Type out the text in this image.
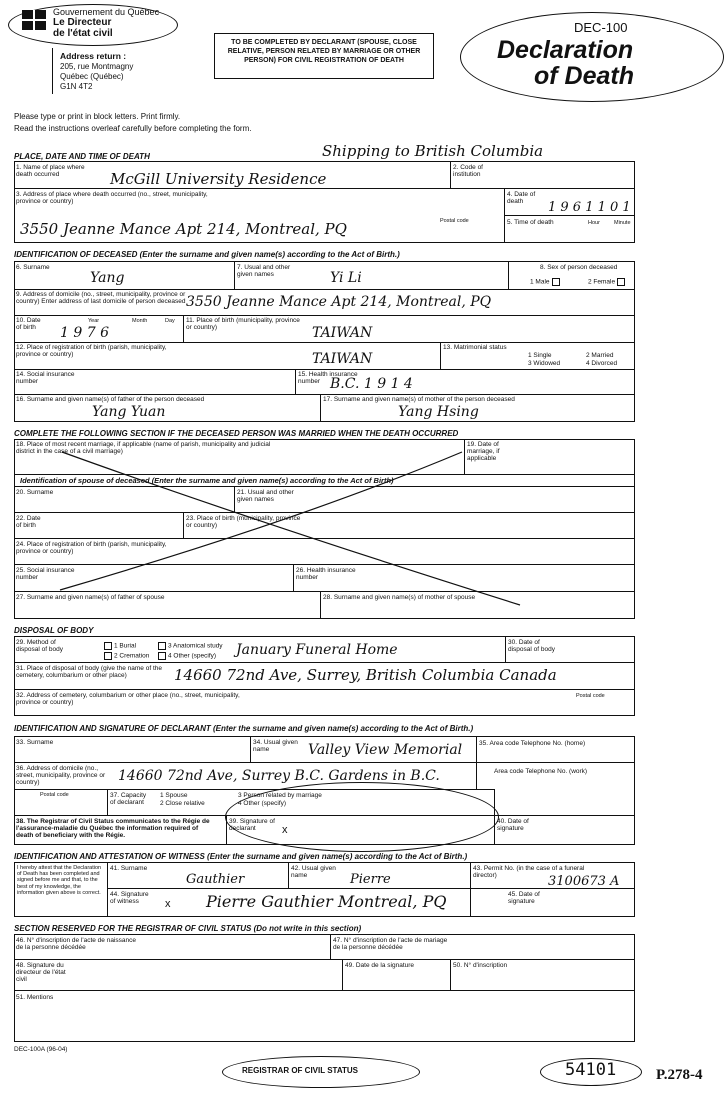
Gouvernement du Québec
Le Directeur
de l'état civil
Address return :
205, rue Montmagny
Québec (Québec)
G1N 4T2
TO BE COMPLETED BY DECLARANT (SPOUSE, CLOSE RELATIVE, PERSON RELATED BY MARRIAGE OR OTHER PERSON) FOR CIVIL REGISTRATION OF DEATH
DEC-100
Declaration
of Death
Please type or print in block letters. Print firmly.
Read the instructions overleaf carefully before completing the form.
PLACE, DATE AND TIME OF DEATH	Shipping to British Columbia
1. Name of place where death occurred	McGill University Residence
2. Code of institution
3. Address of place where death occurred (no., street, municipality, province or country)
3550 Jeanne Mance Apt 214, Montreal, PQ	Postal code
4. Date of death	1 9 6 1 1 0 1
5. Time of death	Hour	Minute
IDENTIFICATION OF DECEASED (Enter the surname and given name(s) according to the Act of Birth.)
6. Surname
Yang
7. Usual and other given names	Yi Li
8. Sex of person deceased
1 Male	2 Female
9. Address of domicile (no., street, municipality, province or country) Enter address of last domicile of person deceased 3550 Jeanne Mance Apt 214, Montreal, PQ
10. Date of birth
Year	Month	Day
1 9 7 6
11. Place of birth (municipality, province or country)	TAIWAN
12. Place of registration of birth (parish, municipality, province or country)	TAIWAN
13. Matrimonial status
1 Single	2 Married
3 Widowed	4 Divorced
14. Social insurance number
15. Health insurance number B.C. 1 9 1 4
16. Surname and given name(s) of father of the person deceased
Yang Yuan
17. Surname and given name(s) of mother of the person deceased
Yang Hsing
COMPLETE THE FOLLOWING SECTION IF THE DECEASED PERSON WAS MARRIED WHEN THE DEATH OCCURRED
18. Place of most recent marriage, if applicable (name of parish, municipality and judicial district in the case of a civil marriage)
19. Date of marriage, if applicable
Identification of spouse of deceased (Enter the surname and given name(s) according to the Act of Birth)
20. Surname	21. Usual and other given names
22. Date of birth
23. Place of birth (municipality, province or country)
24. Place of registration of birth (parish, municipality, province or country)
25. Social insurance number
26. Health insurance number
27. Surname and given name(s) of father of spouse	28. Surname and given name(s) of mother of spouse
DISPOSAL OF BODY
29. Method of disposal of body	1 Burial
2 Cremation
3 Anatomical study
4 Other (specify) January Funeral Home	30. Date of disposal of body
31. Place of disposal of body (give the name of the cemetery, columbarium or other place)	14660 72nd Ave, Surrey, British Columbia Canada
32. Address of cemetery, columbarium or other place (no., street, municipality, province or country)
Postal code
IDENTIFICATION AND SIGNATURE OF DECLARANT (Enter the surname and given name(s) according to the Act of Birth.)
33. Surname	34. Usual given name	Valley View Memorial	35. Area code Telephone No. (home)
36. Address of domicile (no., street, municipality, province or country)	14660 72nd Ave, Surrey B.C. Gardens in B.C.	Area code Telephone No. (work)
Postal code	37. Capacity of declarant
1 Spouse
2 Close relative
3 Person related by marriage
4 Other (specify)
38. The Registrar of Civil Status communicates to the Régie de l'assurance-maladie du Québec the information required of death of beneficiary with the Régie.
39. Signature of declarant	x
40. Date of signature
IDENTIFICATION AND ATTESTATION OF WITNESS (Enter the surname and given name(s) according to the Act of Birth.)
I hereby attest that the Declaration of Death has been completed and signed before me and that, to the best of my knowledge, the information given above is correct.
41. Surname
Gauthier
42. Usual given name	Pierre
43. Permit No. (in the case of a funeral director)	3100673 A
44. Signature of witness	x Pierre Gauthier Montreal, PQ	45. Date of signature
SECTION RESERVED FOR THE REGISTRAR OF CIVIL STATUS (Do not write in this section)
46. N° d'inscription de l'acte de naissance de la personne décédée
47. N° d'inscription de l'acte de mariage de la personne décédée
48. Signature du directeur de l'état civil
49. Date de la signature	50. N° d'inscription
51. Mentions
DEC-100A (96-04)
REGISTRAR OF CIVIL STATUS	54101	P.278-4
